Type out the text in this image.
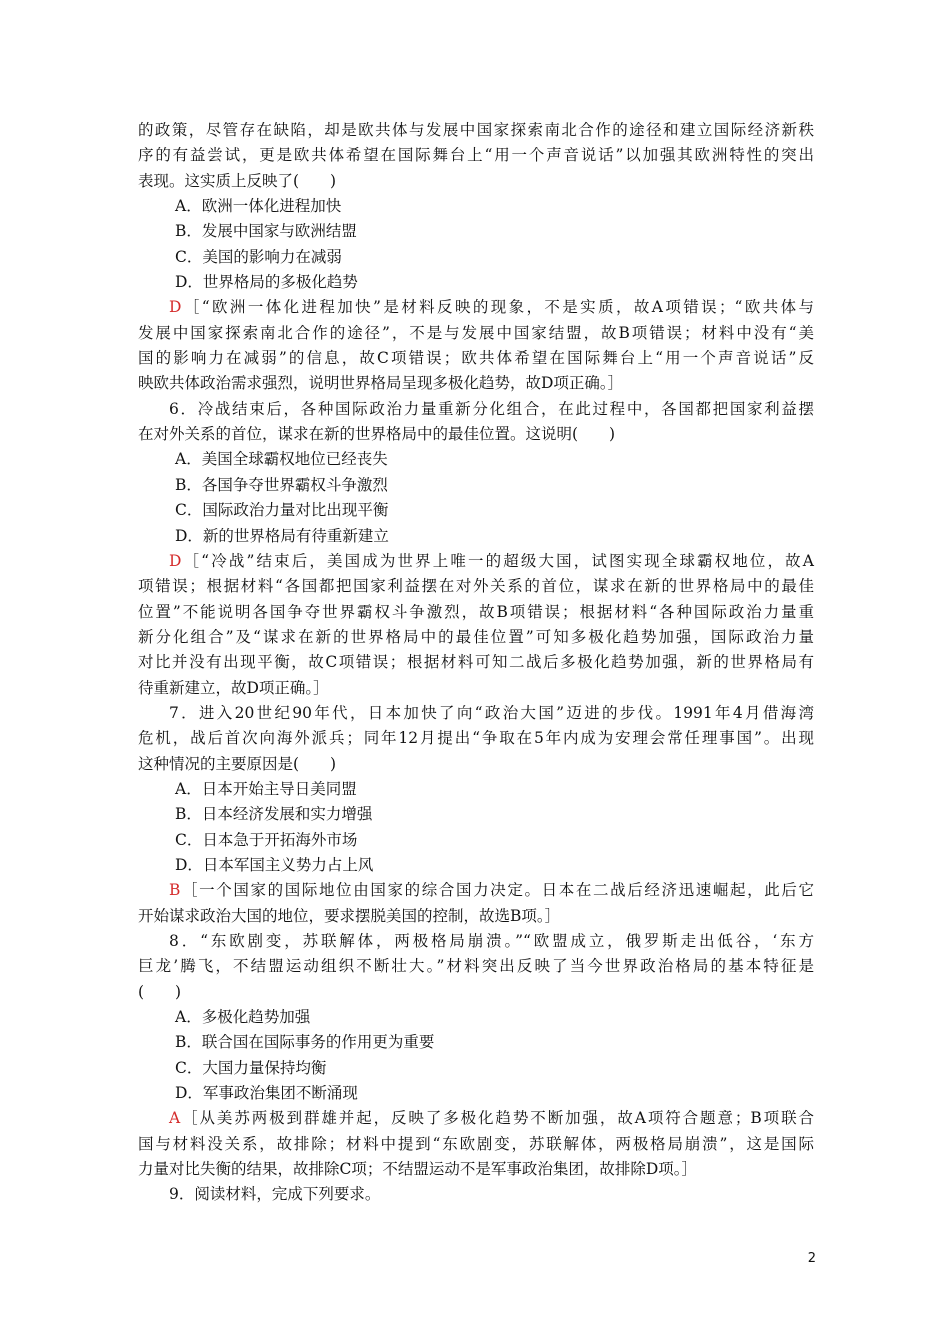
的政策，尽管存在缺陷，却是欧共体与发展中国家探索南北合作的途径和建立国际经济新秩
序的有益尝试，更是欧共体希望在国际舞台上“用一个声音说话”以加强其欧洲特性的突出
表现。这实质上反映了(　　)
A．欧洲一体化进程加快
B．发展中国家与欧洲结盟
C．美国的影响力在减弱
D．世界格局的多极化趋势
D［“欧洲一体化进程加快”是材料反映的现象，不是实质，故A项错误；“欧共体与
发展中国家探索南北合作的途径”，不是与发展中国家结盟，故B项错误；材料中没有“美
国的影响力在减弱”的信息，故C项错误；欧共体希望在国际舞台上“用一个声音说话”反
映欧共体政治需求强烈，说明世界格局呈现多极化趋势，故D项正确。］
6．冷战结束后，各种国际政治力量重新分化组合，在此过程中，各国都把国家利益摆
在对外关系的首位，谋求在新的世界格局中的最佳位置。这说明(　　)
A．美国全球霸权地位已经丧失
B．各国争夺世界霸权斗争激烈
C．国际政治力量对比出现平衡
D．新的世界格局有待重新建立
D［“冷战”结束后，美国成为世界上唯一的超级大国，试图实现全球霸权地位，故A
项错误；根据材料“各国都把国家利益摆在对外关系的首位，谋求在新的世界格局中的最佳
位置”不能说明各国争夺世界霸权斗争激烈，故B项错误；根据材料“各种国际政治力量重
新分化组合”及“谋求在新的世界格局中的最佳位置”可知多极化趋势加强，国际政治力量
对比并没有出现平衡，故C项错误；根据材料可知二战后多极化趋势加强，新的世界格局有
待重新建立，故D项正确。］
7．进入20世纪90年代，日本加快了向“政治大国”迈进的步伐。1991年4月借海湾
危机，战后首次向海外派兵；同年12月提出“争取在5年内成为安理会常任理事国”。出现
这种情况的主要原因是(　　)
A．日本开始主导日美同盟
B．日本经济发展和实力增强
C．日本急于开拓海外市场
D．日本军国主义势力占上风
B［一个国家的国际地位由国家的综合国力决定。日本在二战后经济迅速崛起，此后它
开始谋求政治大国的地位，要求摆脱美国的控制，故选B项。］
8．“东欧剧变，苏联解体，两极格局崩溃。”“欧盟成立，俄罗斯走出低谷，‘东方
巨龙’腾飞，不结盟运动组织不断壮大。”材料突出反映了当今世界政治格局的基本特征是
(　　)
A．多极化趋势加强
B．联合国在国际事务的作用更为重要
C．大国力量保持均衡
D．军事政治集团不断涌现
A［从美苏两极到群雄并起，反映了多极化趋势不断加强，故A项符合题意；B项联合
国与材料没关系，故排除；材料中提到“东欧剧变，苏联解体，两极格局崩溃”，这是国际
力量对比失衡的结果，故排除C项；不结盟运动不是军事政治集团，故排除D项。］
9．阅读材料，完成下列要求。
2
